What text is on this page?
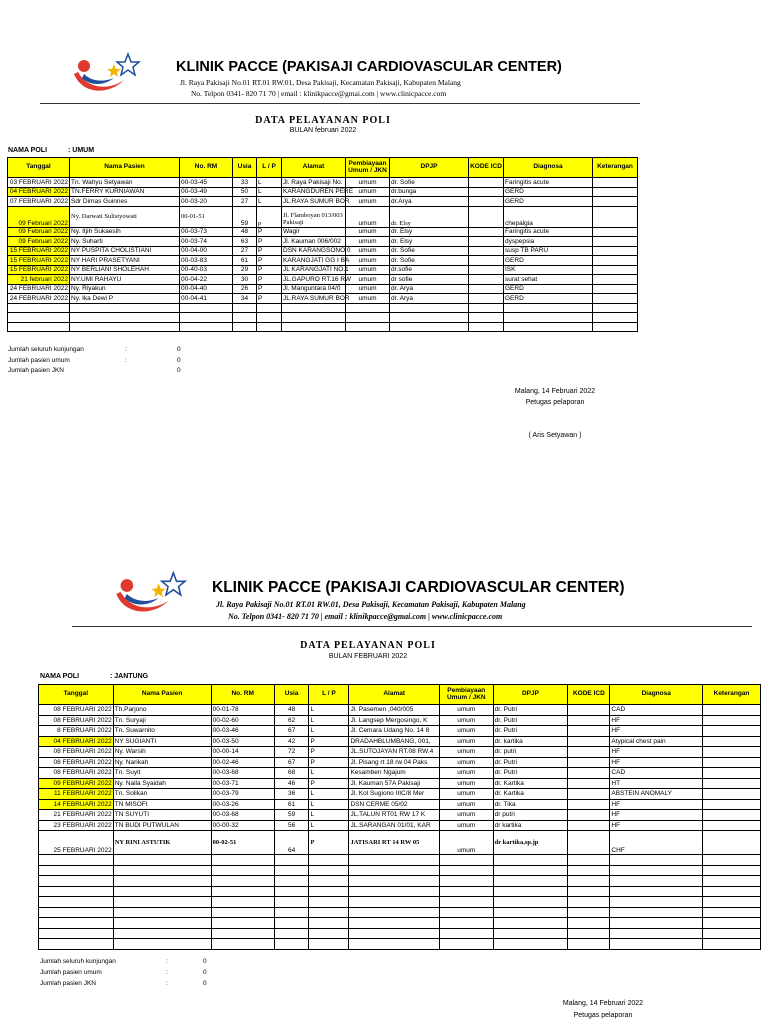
KLINIK PACCE (PAKISAJI CARDIOVASCULAR CENTER)
Jl. Raya Pakisaji No.01 RT.01 RW.01, Desa Pakisaji, Kecamatan Pakisaji, Kabupaten Malang
No. Telpon 0341- 820 71 70 | email : klinikpacce@gmai.com | www.clinicpacce.com
DATA PELAYANAN POLI
BULAN februari 2022
NAMA POLI	: UMUM
Tanggal	Nama Pasien	No. RM	Usia	L / P	Alamat	Pembiayaan Umum / JKN	DPJP	KODE ICD	Diagnosa	Keterangan
03 FEBRUARI 2022	Tn. Wahyu Setyawan	00-03-45	33	L	Jl. Raya Pakisaji No.	umum	dr. Sofie		Faringitis acute	
04 FEBRUARI 2022	TN.FERRY KURNIAWAN	00-03-49	50	L	KARANGDUREN PERE	umum	dr.bunga		GERD	
07 FEBRUARI 2022	Sdr Dimas Guinnes	00-03-20	27	L	JL.RAYA SUMUR BOR	umum	dr.Arya		GERD	
09 Februari 2022	Ny. Darwati Sulistyowati	00-01-51	59	p	Jl. Flamboyan 013/003 Pakisaji	umum	dr. Elsy		chepalgia	
09 Februari 2022	Ny. Itjih Sukaesih	00-03-73	48	P	Wagir	umum	dr. Elsy		Faringitis acute	
09 Februari 2022	Ny. Suharti	00-03-74	63	P	Jl. Kauman 006/002	umum	dr. Elsy		dyspepsia	
15 FEBRUARI 2022	NY PUSPITA CHOLISTIANI	00-04-00	27	P	DSN KARANGSONO 0	umum	dr. Sofie		susp TB PARU	
15 FEBRUARI 2022	NY HARI PRASETYANI	00-03-83	61	P	KARANGJATI GG I BA	umum	dr. Sofie		GERD	
15 FEBRUARI 2022	NY BERLIANI SHOLEHAH	00-40-03	29	P	JL KARANGJATI NO.1	umum	dr.sofie		ISK	
21 februari 2022	NY.UMI RAHAYU	00-04-22	30	P	JL.GAPURO RT.16 RW	umum	dr sofie		surat sehat	
24 FEBRUARI 2022	Ny. Riyakun	00-04-40	26	P	Jl. Manguntara 04/0	umum	dr. Arya		GERD	
24 FEBRUARI 2022	Ny. Ika Dewi P	00-04-41	34	P	JL.RAYA SUMUR BOR	umum	dr. Arya		GERD	

Jumlah seluruh kunjungan	:	0
Jumlah pasien umum	:	0
Jumlah pasien JKN	0
Malang, 14 Februari 2022
Petugas pelaporan
( Aris Setyawan )
KLINIK PACCE (PAKISAJI CARDIOVASCULAR CENTER)
Jl. Raya Pakisaji No.01 RT.01 RW.01, Desa Pakisaji, Kecamatan Pakisaji, Kabupaten Malang
No. Telpon 0341- 820 71 70 | email : klinikpacce@gmai.com | www.clinicpacce.com
DATA PELAYANAN POLI
BULAN FEBRUARI 2022
NAMA POLI	: JANTUNG
Tanggal	Nama Pasien	No. RM	Usia	L / P	Alamat	Pembiayaan Umum / JKN	DPJP	KODE ICD	Diagnosa	Keterangan
08 FEBRUARI 2022	Th.Parjono	00-01-78	48	L	Jl. Pasemen ,040/005	umum	dr. Putri		CAD	
08 FEBRUARI 2022	Tn. Suryaji	00-02-60	62	L	Jl. Langsep Mergosingo, K	umum	dr. Putri		HF	
8 FEBRUARI 2022	Tn. Suwarnito	00-03-46	67	L	Jl. Cemara Udang No. 14 8	umum	dr. Putri		HF	
04 FEBRUARI 2022	NY SUGIANTI	00-03-50	42	P	DRADAHBLUMBANG, 001,	umum	dr. kartika		Atypical chest pain	
08 FEBRUARI 2022	Ny. Warsih	00-00-14	72	P	JL.SUTOJAYAN RT.08 RW.4	umum	dr. putri		HF	
08 FEBRUARI 2022	Ny. Narikah	00-02-46	67	P	Jl. Pisang rt 18 rw 04 Paks	umum	dr. Putri		HF	
08 FEBRUARI 2022	Tn. Suyit	00-03-68	68	L	Kesamben Ngajum	umum	dr. Putri		CAD	
09 FEBRUARI 2022	Ny. Naila Syaidah	00-03-71	46	P	Jl. Kauman 57A Pakisaji	umum	dr. Kartika		HT	
11 FEBRUARI 2022	Tn. Solikan	00-03-79	36	L	Jl. Kol Sugiono IIIC/8 Mer	umum	dr. Kartika		ABSTEIN ANOMALY	
14 FEBRUARI 2022	TN MISOFI	00-03-26	61	L	DSN CERME 05/02	umum	dr. Tika		HF	
21 FEBRUARI 2022	TN SUYUTI	00-03-68	59	L	JL.TALUN RT01 RW 17 K	umum	dr putri		HF	
23 FEBRUARI 2022	TN BUDI PUTWULAN	00-00-32	56	L	JL.SARANGAN 01/01, KAR	umum	dr kartika		HF	
25 FEBRUARI 2022	NY RINI ASTUTIK	00-02-51	64	P	JATISARI RT 14 RW 05	umum	dr kartika,sp.jp		CHF	

Jumlah seluruh kunjungan	:	0
Jumlah pasien umum	:	0
Jumlah pasien JKN	:	0
Malang, 14 Februari 2022
Petugas pelaporan
